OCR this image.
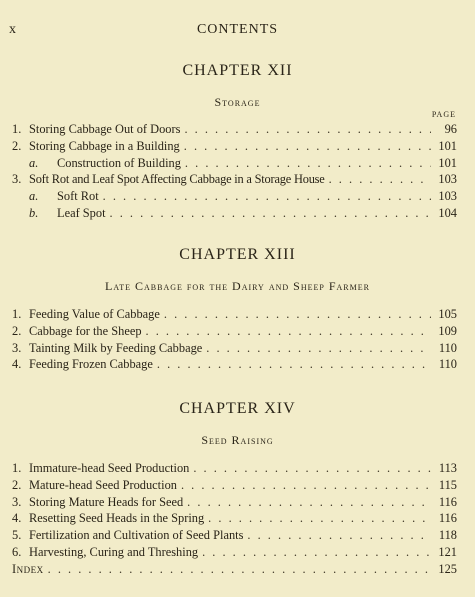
x	CONTENTS
CHAPTER XII
Storage
PAGE
1. Storing Cabbage Out of Doors . . .	96
2. Storing Cabbage in a Building . . .	101
a.	Construction of Building . . .	101
3. Soft Rot and Leaf Spot Affecting Cabbage in a Storage House . . .	103
a.	Soft Rot . . .	103
b.	Leaf Spot . . .	104
CHAPTER XIII
Late Cabbage for the Dairy and Sheep Farmer
1. Feeding Value of Cabbage . . .	105
2. Cabbage for the Sheep . . .	109
3. Tainting Milk by Feeding Cabbage . . .	110
4. Feeding Frozen Cabbage . . .	110
CHAPTER XIV
Seed Raising
1. Immature-head Seed Production . . .	113
2. Mature-head Seed Production . . .	115
3. Storing Mature Heads for Seed . . .	116
4. Resetting Seed Heads in the Spring . . .	116
5. Fertilization and Cultivation of Seed Plants . . .	118
6. Harvesting, Curing and Threshing . . .	121
Index . . .	125
